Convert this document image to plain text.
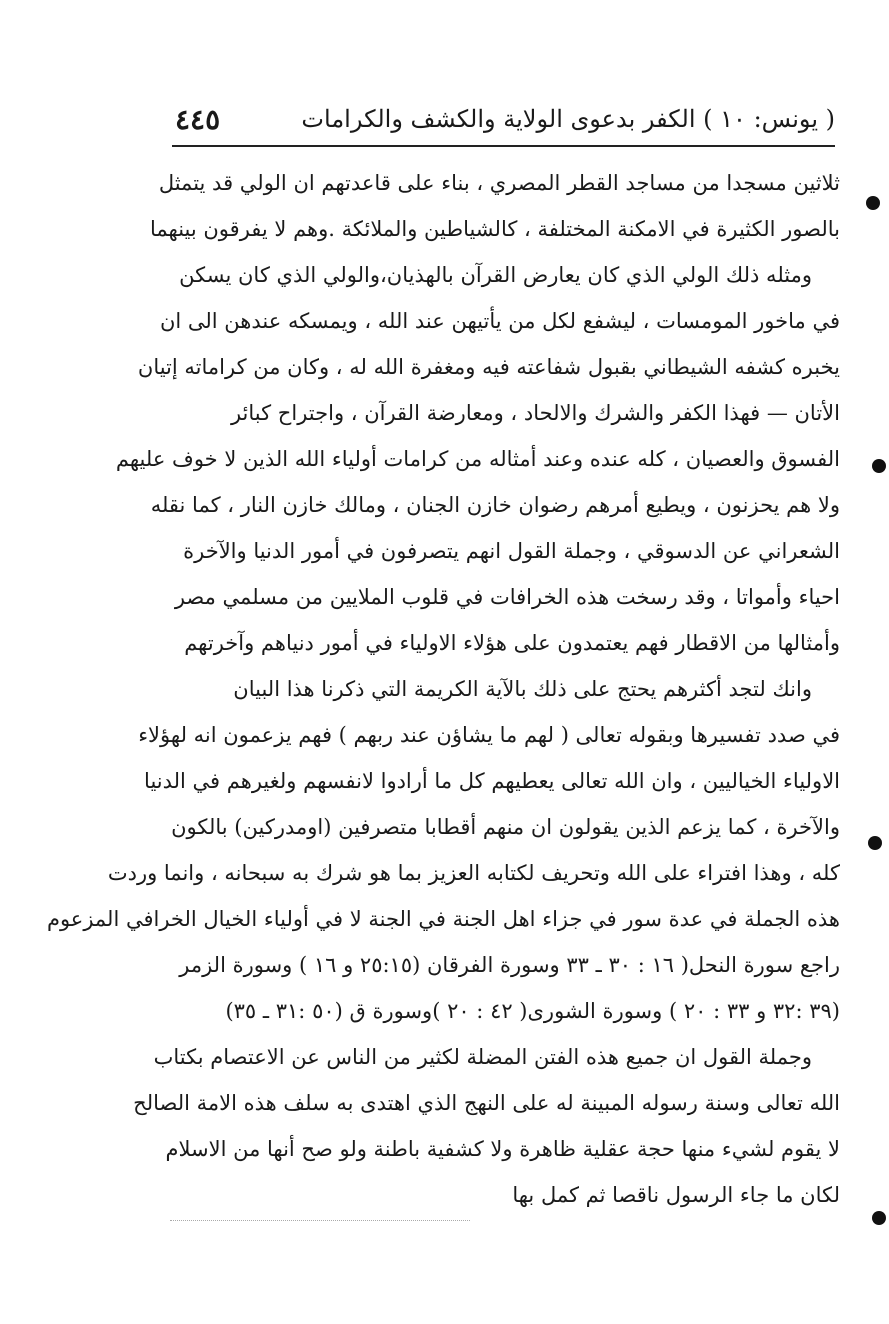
( يونس: ١٠ ) الكفر بدعوى الولاية والكشف والكرامات
٤٤٥
ثلاثين مسجدا من مساجد القطر المصري ، بناء على قاعدتهم ان الولي قد يتمثل
بالصور الكثيرة في الامكنة المختلفة ، كالشياطين والملائكة .وهم لا يفرقون بينهما
ومثله ذلك الولي الذي كان يعارض القرآن بالهذيان،والولي الذي كان يسكن
في ماخور المومسات ، ليشفع لكل من يأتيهن عند الله ، ويمسكه عندهن الى ان
يخبره كشفه الشيطاني بقبول شفاعته فيه ومغفرة الله له ، وكان من كراماته إتيان
الأتان — فهذا الكفر والشرك والالحاد ، ومعارضة القرآن ، واجتراح كبائر
الفسوق والعصيان ، كله عنده وعند أمثاله من كرامات أولياء الله الذين لا خوف عليهم
ولا هم يحزنون ، ويطيع أمرهم رضوان خازن الجنان ، ومالك خازن النار ، كما نقله
الشعراني عن الدسوقي ، وجملة القول انهم يتصرفون في أمور الدنيا والآخرة
احياء وأمواتا ، وقد رسخت هذه الخرافات في قلوب الملايين من مسلمي مصر
وأمثالها من الاقطار فهم يعتمدون على هؤلاء الاولياء في أمور دنياهم وآخرتهم
وانك لتجد أكثرهم يحتج على ذلك بالآية الكريمة التي ذكرنا هذا البيان
في صدد تفسيرها وبقوله تعالى ( لهم ما يشاؤن عند ربهم ) فهم يزعمون انه لهؤلاء
الاولياء الخياليين ، وان الله تعالى يعطيهم كل ما أرادوا لانفسهم ولغيرهم في الدنيا
والآخرة ، كما يزعم الذين يقولون ان منهم أقطابا متصرفين (اومدركين) بالكون
كله ، وهذا افتراء على الله وتحريف لكتابه العزيز بما هو شرك به سبحانه ، وانما وردت
هذه الجملة في عدة سور في جزاء اهل الجنة في الجنة لا في أولياء الخيال الخرافي المزعوم
راجع سورة النحل( ١٦ : ٣٠ ـ ٣٣ وسورة الفرقان (٢٥:١٥ و ١٦ ) وسورة الزمر
(٣٩ :٣٢ و ٣٣ : ٢٠ ) وسورة الشورى( ٤٢ : ٢٠ )وسورة ق (٥٠ :٣١ ـ ٣٥)
وجملة القول ان جميع هذه الفتن المضلة لكثير من الناس عن الاعتصام بكتاب
الله تعالى وسنة رسوله المبينة له على النهج الذي اهتدى به سلف هذه الامة الصالح
لا يقوم لشيء منها حجة عقلية ظاهرة ولا كشفية باطنة ولو صح أنها من الاسلام
لكان ما جاء الرسول ناقصا ثم كمل بها
